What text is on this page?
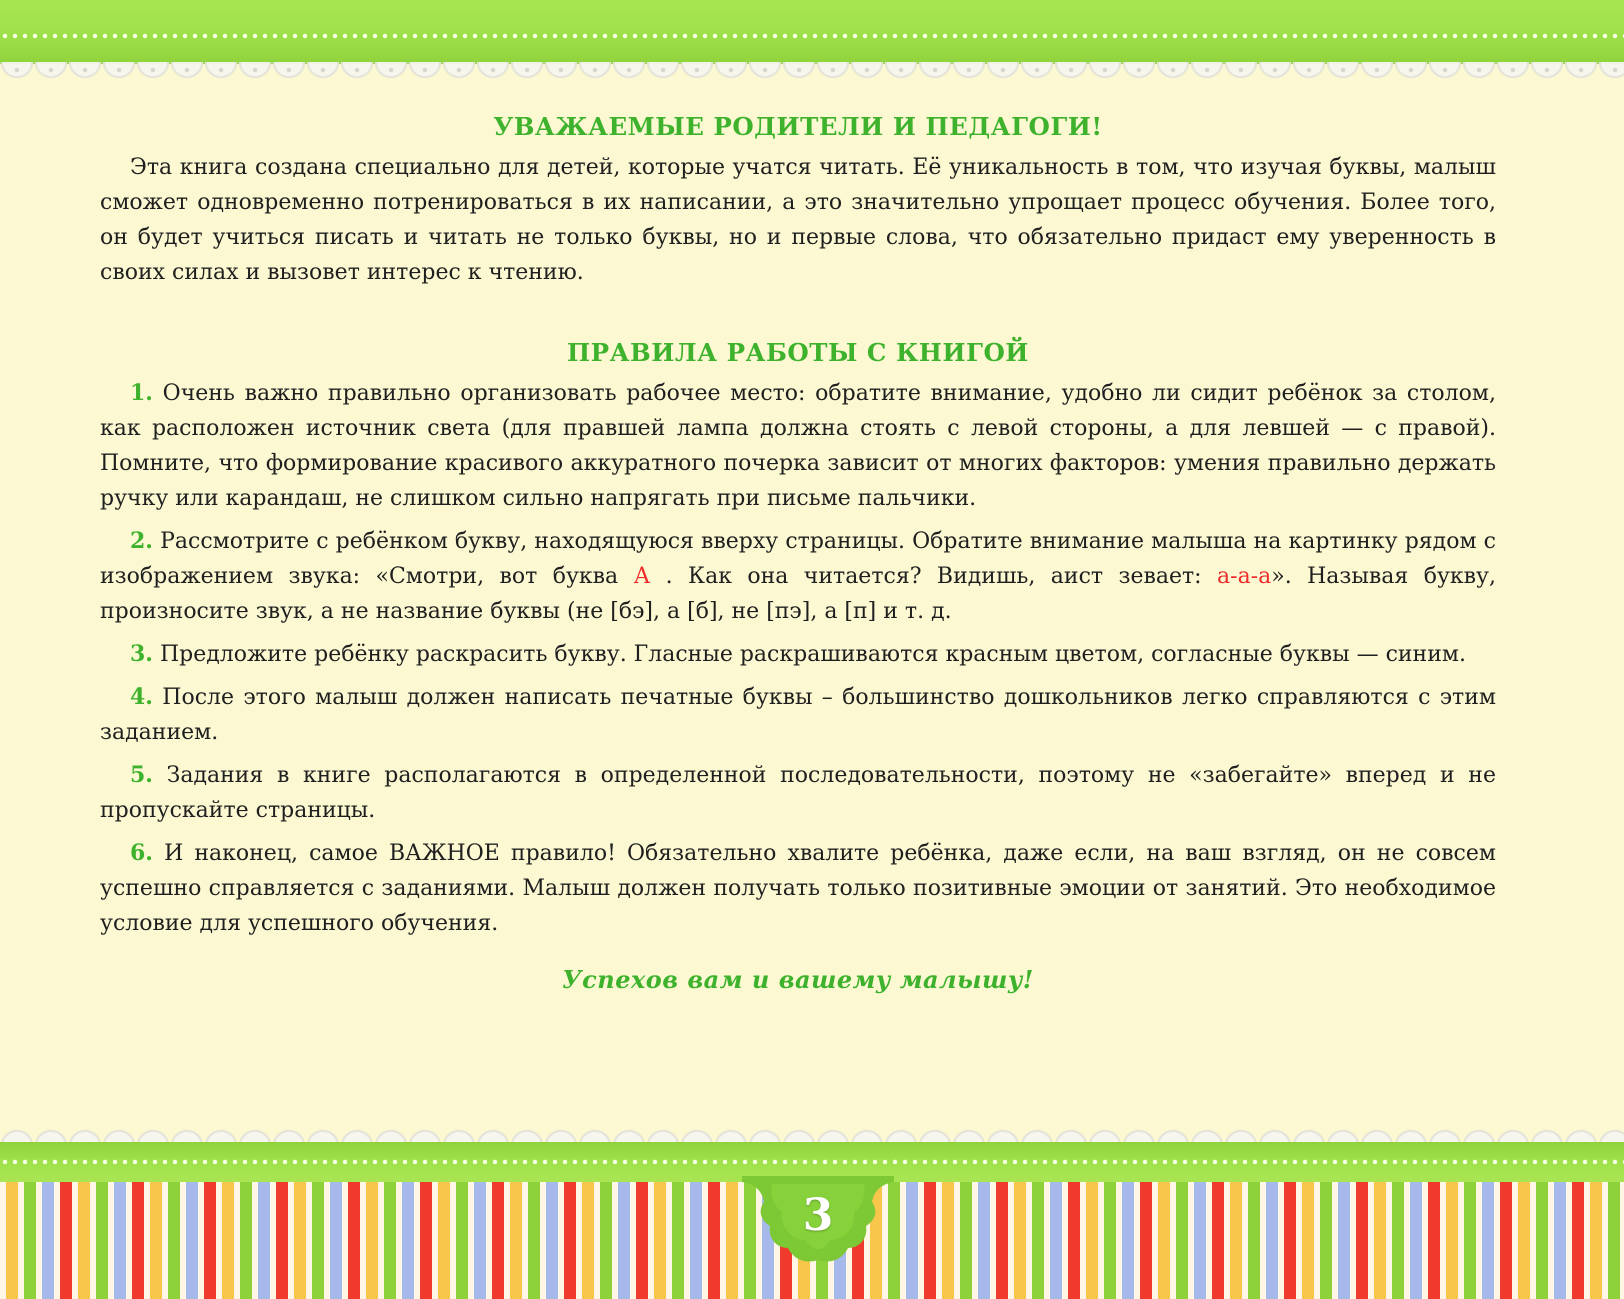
3
УВАЖАЕМЫЕ РОДИТЕЛИ И ПЕДАГОГИ!

Эта книга создана специально для детей, которые учатся читать. Её уникальность в том, что изучая буквы, малыш сможет одновременно потренироваться в их написании, а это значительно упрощает процесс обучения. Более того, он будет учиться писать и читать не только буквы, но и первые слова, что обязательно придаст ему уверенность в своих силах и вызовет интерес к чтению.

ПРАВИЛА РАБОТЫ С КНИГОЙ

1. Очень важно правильно организовать рабочее место: обратите внимание, удобно ли сидит ребёнок за столом, как расположен источник света (для правшей лампа должна стоять с левой стороны, а для левшей — с правой). Помните, что формирование красивого аккуратного почерка зависит от многих факторов: умения правильно держать ручку или карандаш, не слишком сильно напрягать при письме пальчики.

2. Рассмотрите с ребёнком букву, находящуюся вверху страницы. Обратите внимание малыша на картинку рядом с изображением звука: «Смотри, вот буква А . Как она читается? Видишь, аист зевает: а-а-а». Называя букву, произносите звук, а не название буквы (не [бэ], а [б], не [пэ], а [п] и т. д.

3. Предложите ребёнку раскрасить букву. Гласные раскрашиваются красным цветом, согласные буквы — синим.

4. После этого малыш должен написать печатные буквы – большинство дошкольников легко справляются с этим заданием.

5. Задания в книге располагаются в определенной последовательности, поэтому не «забегайте» вперед и не пропускайте страницы.

6. И наконец, самое ВАЖНОЕ правило! Обязательно хвалите ребёнка, даже если, на ваш взгляд, он не совсем успешно справляется с заданиями. Малыш должен получать только позитивные эмоции от занятий. Это необходимое условие для успешного обучения.

Успехов вам и вашему малышу!
